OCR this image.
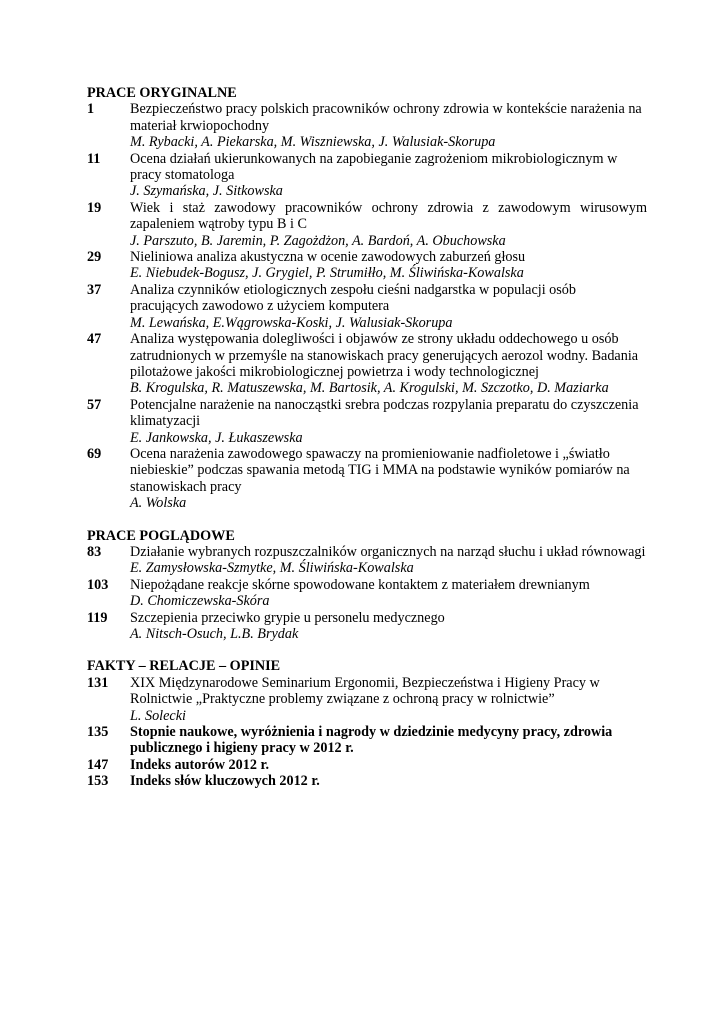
PRACE ORYGINALNE

1	Bezpieczeństwo pracy polskich pracowników ochrony zdrowia w kontekście narażenia na materiał krwiopochodny
M. Rybacki, A. Piekarska, M. Wiszniewska, J. Walusiak-Skorupa
11	Ocena działań ukierunkowanych na zapobieganie zagrożeniom mikrobiologicznym w pracy stomatologa
J. Szymańska, J. Sitkowska
19	Wiek i staż zawodowy pracowników ochrony zdrowia z zawodowym wirusowym zapaleniem wątroby typu B i C
J. Parszuto, B. Jaremin, P. Zagożdżon, A. Bardoń, A. Obuchowska
29	Nieliniowa analiza akustyczna w ocenie zawodowych zaburzeń głosu
E. Niebudek-Bogusz, J. Grygiel, P. Strumiłło, M. Śliwińska-Kowalska
37	Analiza czynników etiologicznych zespołu cieśni nadgarstka w populacji osób pracujących zawodowo z użyciem komputera
M. Lewańska, E.Wągrowska-Koski, J. Walusiak-Skorupa
47	Analiza występowania dolegliwości i objawów ze strony układu oddechowego u osób zatrudnionych w przemyśle na stanowiskach pracy generujących aerozol wodny. Badania pilotażowe jakości mikrobiologicznej powietrza i wody technologicznej
B. Krogulska, R. Matuszewska, M. Bartosik, A. Krogulski, M. Szczotko, D. Maziarka
57	Potencjalne narażenie na nanocząstki srebra podczas rozpylania preparatu do czyszczenia klimatyzacji
E. Jankowska, J. Łukaszewska
69	Ocena narażenia zawodowego spawaczy na promieniowanie nadfioletowe i „światło niebieskie” podczas spawania metodą TIG i MMA na podstawie wyników pomiarów na stanowiskach pracy
A. Wolska

PRACE POGLĄDOWE

83	Działanie wybranych rozpuszczalników organicznych na narząd słuchu i układ równowagi
E. Zamysłowska-Szmytke, M. Śliwińska-Kowalska
103	Niepożądane reakcje skórne spowodowane kontaktem z materiałem drewnianym
D. Chomiczewska-Skóra
119	Szczepienia przeciwko grypie u personelu medycznego
A. Nitsch-Osuch, L.B. Brydak

FAKTY – RELACJE – OPINIE

131	XIX Międzynarodowe Seminarium Ergonomii, Bezpieczeństwa i Higieny Pracy w Rolnictwie „Praktyczne problemy związane z ochroną pracy w rolnictwie”
L. Solecki
135	Stopnie naukowe, wyróżnienia i nagrody w dziedzinie medycyny pracy, zdrowia publicznego i higieny pracy w 2012 r.
147	Indeks autorów 2012 r.
153	Indeks słów kluczowych 2012 r.
